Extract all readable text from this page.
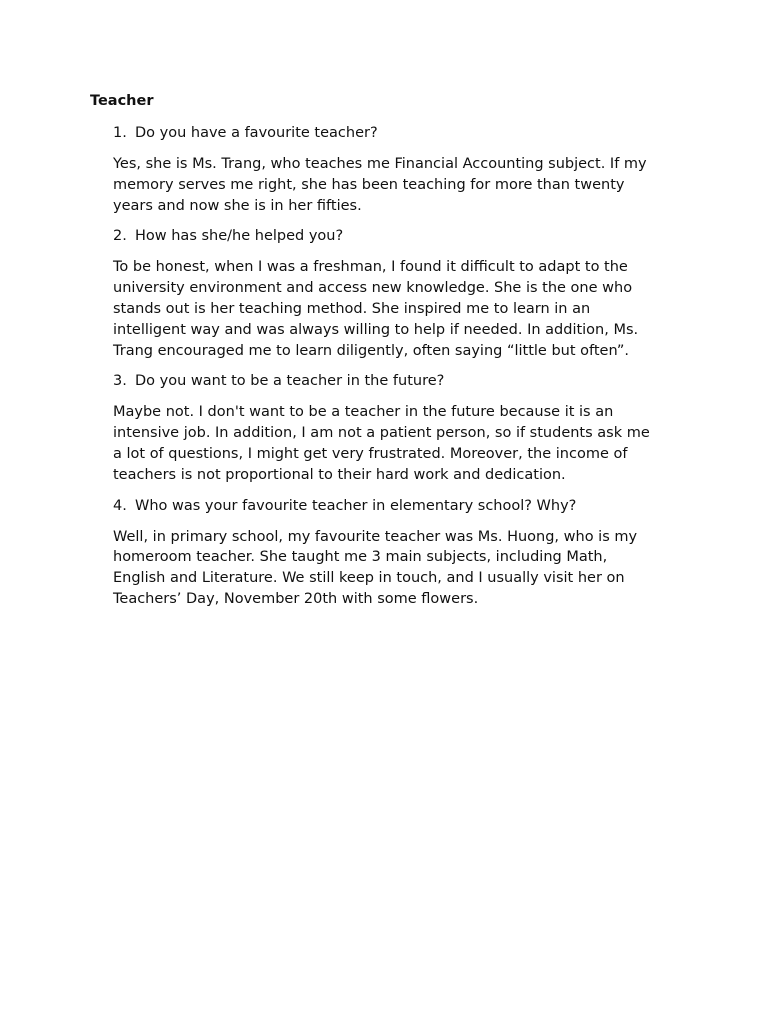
Teacher
1. Do you have a favourite teacher?
Yes, she is Ms. Trang, who teaches me Financial Accounting subject. If my
memory serves me right, she has been teaching for more than twenty
years and now she is in her fifties.
2. How has she/he helped you?
To be honest, when I was a freshman, I found it difficult to adapt to the
university environment and access new knowledge. She is the one who
stands out is her teaching method. She inspired me to learn in an
intelligent way and was always willing to help if needed. In addition, Ms.
Trang encouraged me to learn diligently, often saying “little but often”.
3. Do you want to be a teacher in the future?
Maybe not. I don't want to be a teacher in the future because it is an
intensive job. In addition, I am not a patient person, so if students ask me
a lot of questions, I might get very frustrated. Moreover, the income of
teachers is not proportional to their hard work and dedication.
4. Who was your favourite teacher in elementary school? Why?
Well, in primary school, my favourite teacher was Ms. Huong, who is my
homeroom teacher. She taught me 3 main subjects, including Math,
English and Literature. We still keep in touch, and I usually visit her on
Teachers’ Day, November 20th with some flowers.
